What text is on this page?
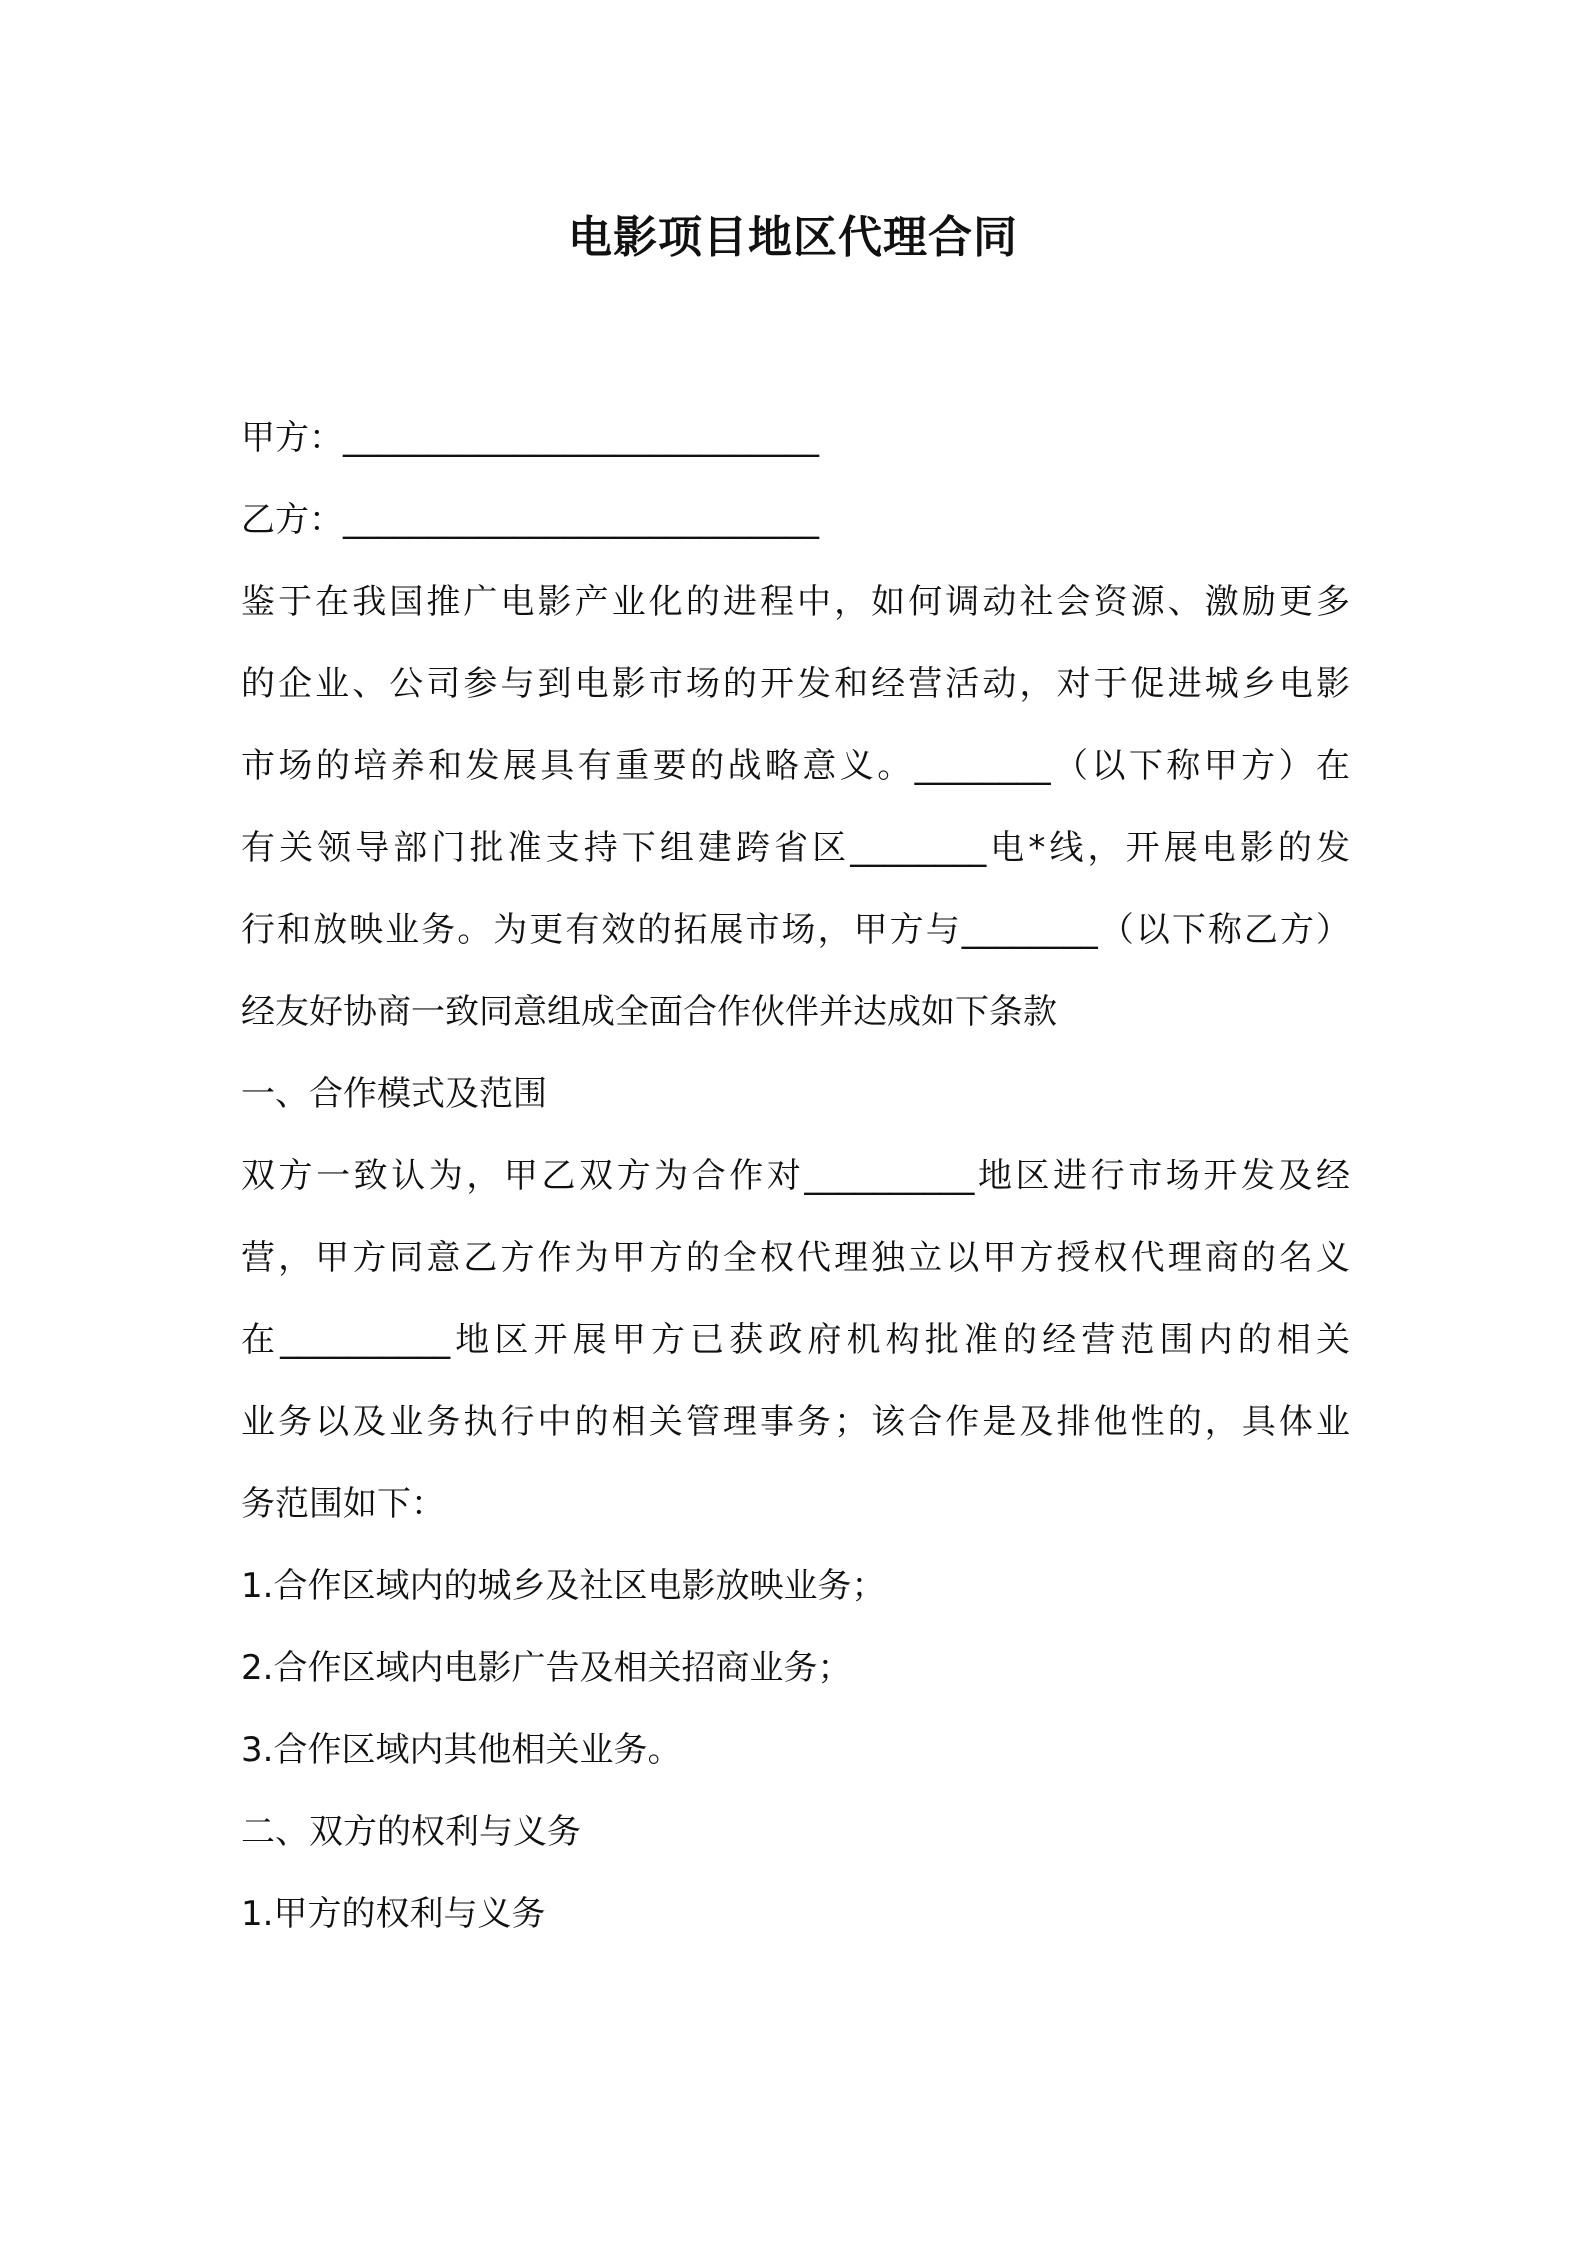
电影项目地区代理合同
甲方：____________________________
乙方：____________________________
鉴于在我国推广电影产业化的进程中，如何调动社会资源、激励更多
的企业、公司参与到电影市场的开发和经营活动，对于促进城乡电影
市场的培养和发展具有重要的战略意义。________（以下称甲方）在
有关领导部门批准支持下组建跨省区________电*线，开展电影的发
行和放映业务。为更有效的拓展市场，甲方与________（以下称乙方）
经友好协商一致同意组成全面合作伙伴并达成如下条款
一、合作模式及范围
双方一致认为，甲乙双方为合作对__________地区进行市场开发及经
营，甲方同意乙方作为甲方的全权代理独立以甲方授权代理商的名义
在__________地区开展甲方已获政府机构批准的经营范围内的相关
业务以及业务执行中的相关管理事务；该合作是及排他性的，具体业
务范围如下：
1.合作区域内的城乡及社区电影放映业务；
2.合作区域内电影广告及相关招商业务；
3.合作区域内其他相关业务。
二、双方的权利与义务
1.甲方的权利与义务
